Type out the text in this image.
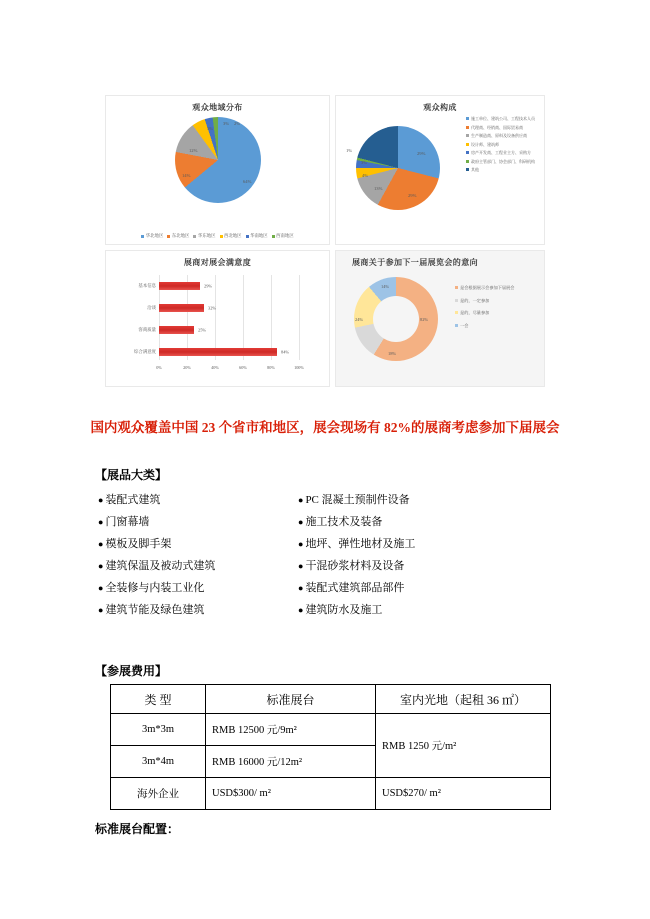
观众地域分布
64%
14%
12%
5%
3% 2%
华北地区 东北地区 华东地区 西北地区 华南地区 西南地区
观众构成
29%
29%
13%
4%
3%
1%
施工单位、建筑公司、工程技术人员
代理商、经销商、国际贸易商
生产制造商、原料及设备供应商
设计师、建筑师
房产开发商、工程业主方、采购方
政府主管部门、协会部门、科研机构
其他
展商对展会满意度
基本信息	29%
洽谈	32%
客商质量	25%
综合满意度	84%
0%	20%	40%	60%	80%	100%
展商关于参加下一届展览会的意向
82%
18%
24%
14%	是会根据展示会参加下届展会
是的，一定参加
是的，尽量参加
一会
国内观众覆盖中国 23 个省市和地区，展会现场有 82%的展商考虑参加下届展会
【展品大类】
● 装配式建筑
● 门窗幕墙
● 模板及脚手架
● 建筑保温及被动式建筑
● 全装修与内装工业化
● 建筑节能及绿色建筑
● PC 混凝土预制件设备
● 施工技术及装备
● 地坪、弹性地材及施工
● 干混砂浆材料及设备
● 装配式建筑部品部件
● 建筑防水及施工
【参展费用】
类 型	标准展台	室内光地（起租 36 ㎡）
3m*3m	RMB 12500 元/9m²	RMB 1250 元/m²
3m*4m	RMB 16000 元/12m²	
海外企业	USD$300/ m²	USD$270/ m²
标准展台配置：
